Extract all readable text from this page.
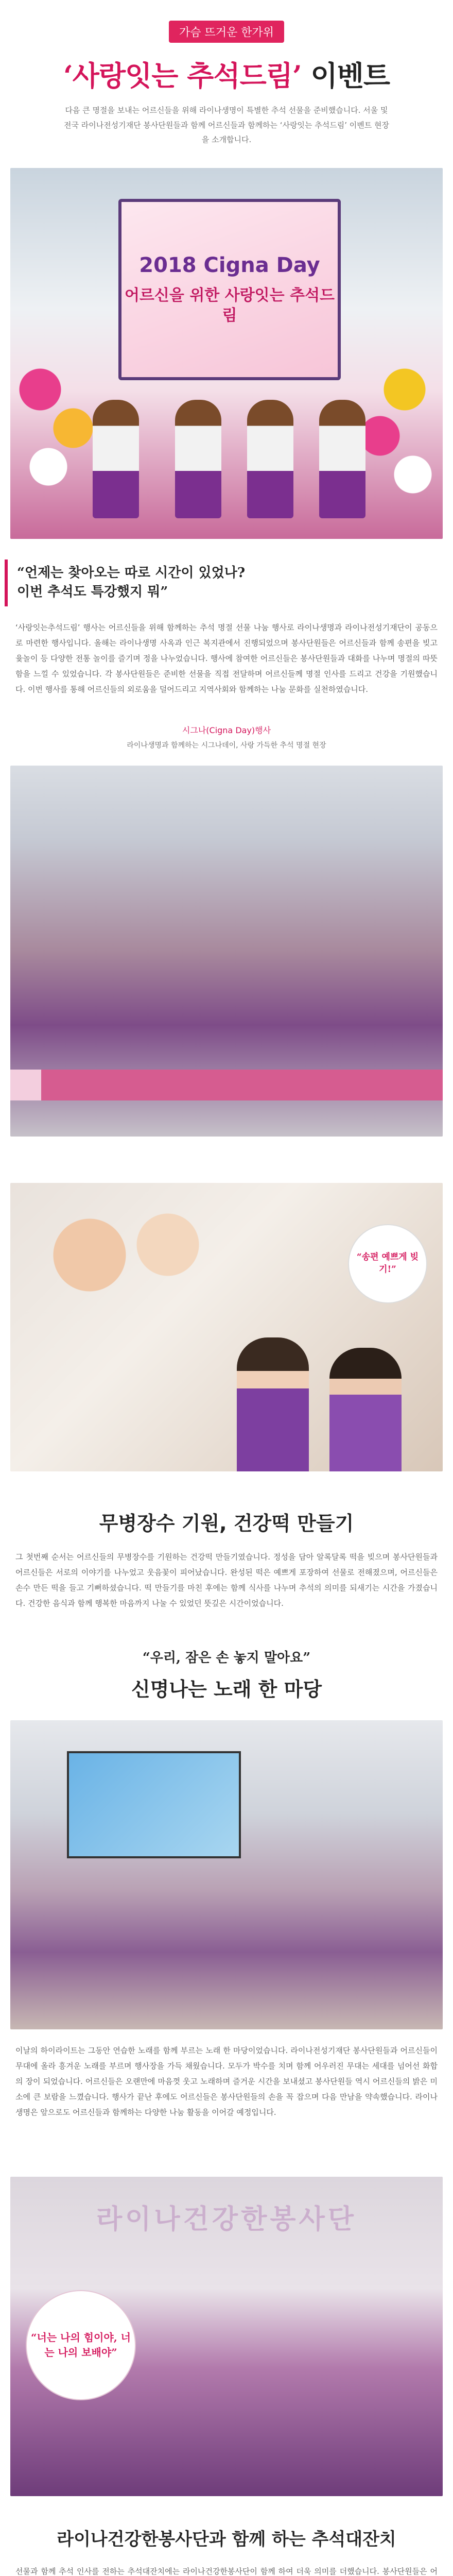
가슴 뜨거운 한가위
‘사랑잇는 추석드림’ 이벤트
다음 큰 명절을 보내는 어르신들을 위해 라이나생명이 특별한 추석 선물을 준비했습니다. 서울 및 전국 라이나전성기재단 봉사단원들과 함께 어르신들과 함께하는 ‘사랑잇는 추석드림’ 이벤트 현장을 소개합니다.
2018 Cigna Day
어르신을 위한 사랑잇는 추석드림
“언제는 찾아오는 따로 시간이 있었나?
이번 추석도 특강했지 뭐”
‘사랑잇는추석드림’ 행사는 어르신들을 위해 함께하는 추석 명절 선물 나눔 행사로 라이나생명과 라이나전성기재단이 공동으로 마련한 행사입니다. 올해는 라이나생명 사옥과 인근 복지관에서 진행되었으며 봉사단원들은 어르신들과 함께 송편을 빚고 윷놀이 등 다양한 전통 놀이를 즐기며 정을 나누었습니다. 행사에 참여한 어르신들은 봉사단원들과 대화를 나누며 명절의 따뜻함을 느낄 수 있었습니다. 각 봉사단원들은 준비한 선물을 직접 전달하며 어르신들께 명절 인사를 드리고 건강을 기원했습니다. 이번 행사를 통해 어르신들의 외로움을 덜어드리고 지역사회와 함께하는 나눔 문화를 실천하였습니다.
시그나(Cigna Day)행사
라이나생명과 함께하는 시그나데이, 사랑 가득한 추석 명절 현장
“송편 예쁘게 빚기!”
무병장수 기원, 건강떡 만들기
그 첫번째 순서는 어르신들의 무병장수를 기원하는 건강떡 만들기였습니다. 정성을 담아 알록달록 떡을 빚으며 봉사단원들과 어르신들은 서로의 이야기를 나누었고 웃음꽃이 피어났습니다. 완성된 떡은 예쁘게 포장하여 선물로 전해졌으며, 어르신들은 손수 만든 떡을 들고 기뻐하셨습니다. 떡 만들기를 마친 후에는 함께 식사를 나누며 추석의 의미를 되새기는 시간을 가졌습니다. 건강한 음식과 함께 행복한 마음까지 나눌 수 있었던 뜻깊은 시간이었습니다.
“우리, 잠은 손 놓지 말아요”
신명나는 노래 한 마당
이날의 하이라이트는 그동안 연습한 노래를 함께 부르는 노래 한 마당이었습니다. 라이나전성기재단 봉사단원들과 어르신들이 무대에 올라 흥겨운 노래를 부르며 행사장을 가득 채웠습니다. 모두가 박수를 치며 함께 어우러진 무대는 세대를 넘어선 화합의 장이 되었습니다. 어르신들은 오랜만에 마음껏 웃고 노래하며 즐거운 시간을 보내셨고 봉사단원들 역시 어르신들의 밝은 미소에 큰 보람을 느꼈습니다. 행사가 끝난 후에도 어르신들은 봉사단원들의 손을 꼭 잡으며 다음 만남을 약속했습니다. 라이나생명은 앞으로도 어르신들과 함께하는 다양한 나눔 활동을 이어갈 예정입니다.
라이나건강한봉사단
“너는 나의 힘이야, 너는 나의 보배야”
라이나건강한봉사단과 함께 하는 추석대잔치
선물과 함께 추석 인사를 전하는 추석대잔치에는 라이나건강한봉사단이 함께 하여 더욱 의미를 더했습니다. 봉사단원들은 어
